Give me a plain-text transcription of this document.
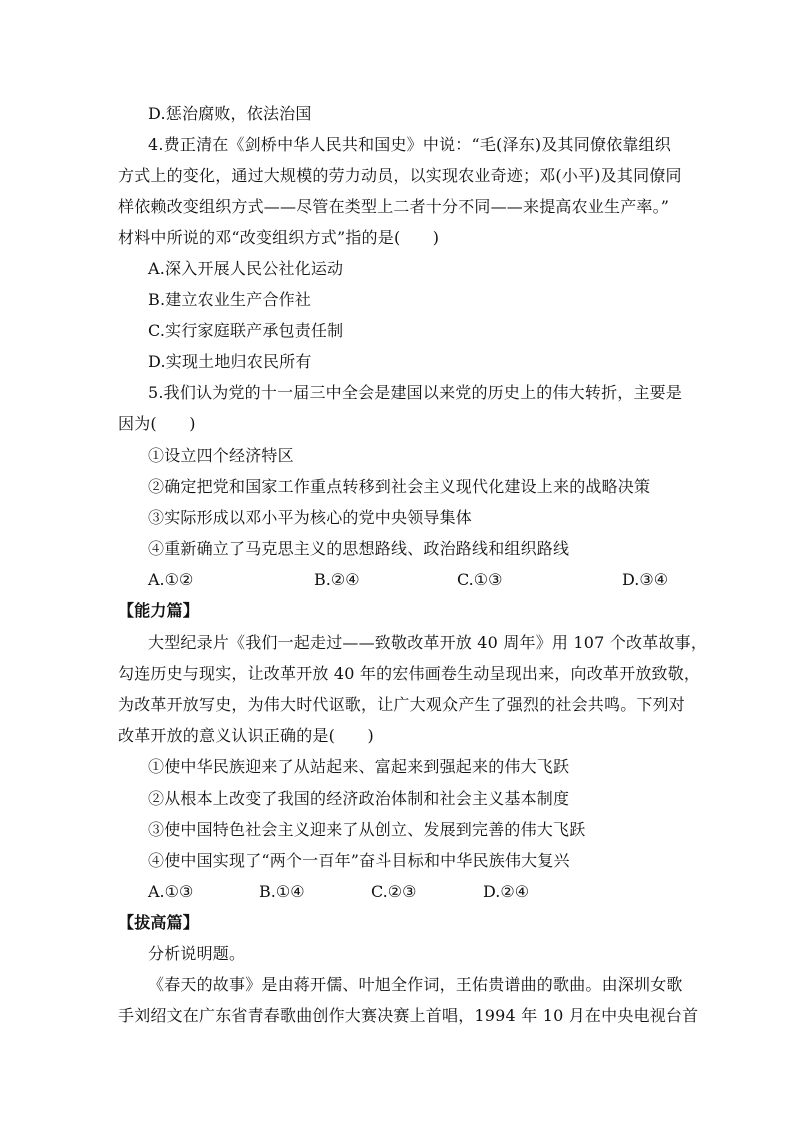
D.惩治腐败，依法治国
4.费正清在《剑桥中华人民共和国史》中说：“毛(泽东)及其同僚依靠组织
方式上的变化，通过大规模的劳力动员，以实现农业奇迹；邓(小平)及其同僚同
样依赖改变组织方式——尽管在类型上二者十分不同——来提高农业生产率。”
材料中所说的邓“改变组织方式”指的是(　　)
A.深入开展人民公社化运动
B.建立农业生产合作社
C.实行家庭联产承包责任制
D.实现土地归农民所有
5.我们认为党的十一届三中全会是建国以来党的历史上的伟大转折，主要是
因为(　　)
①设立四个经济特区
②确定把党和国家工作重点转移到社会主义现代化建设上来的战略决策
③实际形成以邓小平为核心的党中央领导集体
④重新确立了马克思主义的思想路线、政治路线和组织路线
A.①②	B.②④	C.①③	D.③④
【能力篇】
大型纪录片《我们一起走过——致敬改革开放 40 周年》用 107 个改革故事，
勾连历史与现实，让改革开放 40 年的宏伟画卷生动呈现出来，向改革开放致敬，
为改革开放写史，为伟大时代讴歌，让广大观众产生了强烈的社会共鸣。下列对
改革开放的意义认识正确的是(　　)
①使中华民族迎来了从站起来、富起来到强起来的伟大飞跃
②从根本上改变了我国的经济政治体制和社会主义基本制度
③使中国特色社会主义迎来了从创立、发展到完善的伟大飞跃
④使中国实现了“两个一百年”奋斗目标和中华民族伟大复兴
A.①③	B.①④	C.②③	D.②④
【拔高篇】
分析说明题。
《春天的故事》是由蒋开儒、叶旭全作词，王佑贵谱曲的歌曲。由深圳女歌
手刘绍文在广东省青春歌曲创作大赛决赛上首唱，1994 年 10 月在中央电视台首
